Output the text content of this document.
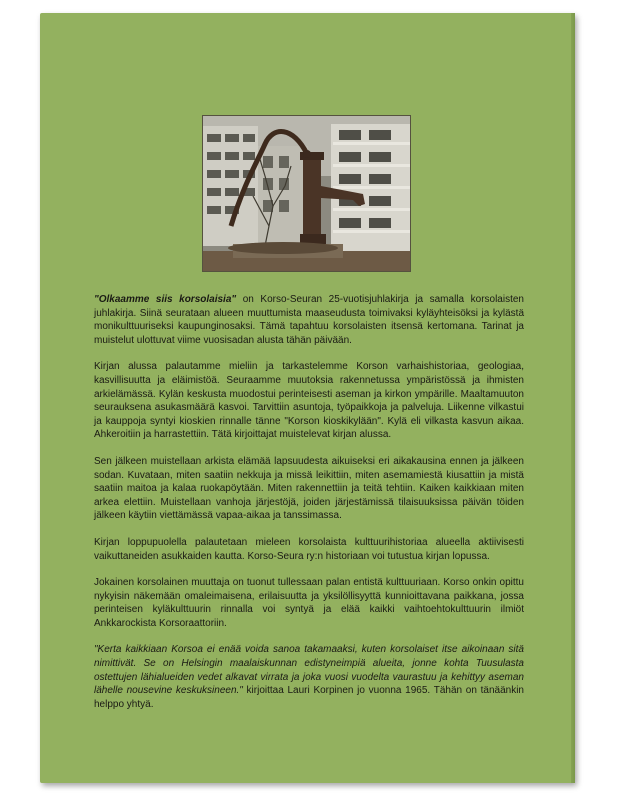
"Olkaamme siis korsolaisia" on Korso-Seuran 25-vuotisjuhlakirja ja samalla korsolaisten juhlakirja. Siinä seurataan alueen muuttumista maaseudusta toimivaksi kyläyhteisöksi ja kylästä monikulttuuriseksi kaupunginosaksi. Tämä tapahtuu korsolaisten itsensä kertomana. Tarinat ja muistelut ulottuvat viime vuosisadan alusta tähän päivään.

Kirjan alussa palautamme mieliin ja tarkastelemme Korson varhaishistoriaa, geologiaa, kasvillisuutta ja eläimistöä. Seuraamme muutoksia rakennetussa ympäristössä ja ihmisten arkielämässä. Kylän keskusta muodostui perinteisesti aseman ja kirkon ympärille. Maaltamuuton seurauksena asukasmäärä kasvoi. Tarvittiin asuntoja, työpaikkoja ja palveluja. Liikenne vilkastui ja kauppoja syntyi kioskien rinnalle tänne "Korson kioskikylään". Kylä eli vilkasta kasvun aikaa. Ahkeroitiin ja harrastettiin. Tätä kirjoittajat muistelevat kirjan alussa.

Sen jälkeen muistellaan arkista elämää lapsuudesta aikuiseksi eri aikakausina ennen ja jälkeen sodan. Kuvataan, miten saatiin nekkuja ja missä leikittiin, miten asemamiestä kiusattiin ja mistä saatiin maitoa ja kalaa ruokapöytään. Miten rakennettiin ja teitä tehtiin. Kaiken kaikkiaan miten arkea elettiin. Muistellaan vanhoja järjestöjä, joiden järjestämissä tilaisuuksissa päivän töiden jälkeen käytiin viettämässä vapaa-aikaa ja tanssimassa.

Kirjan loppupuolella palautetaan mieleen korsolaista kulttuurihistoriaa alueella aktiivisesti vaikuttaneiden asukkaiden kautta. Korso-Seura ry:n historiaan voi tutustua kirjan lopussa.

Jokainen korsolainen muuttaja on tuonut tullessaan palan entistä kulttuuriaan. Korso onkin opittu nykyisin näkemään omaleimaisena, erilaisuutta ja yksilöllisyyttä kunnioittavana paikkana, jossa perinteisen kyläkulttuurin rinnalla voi syntyä ja elää kaikki vaihtoehtokulttuurin ilmiöt Ankkarockista Korsoraattoriin.

"Kerta kaikkiaan Korsoa ei enää voida sanoa takamaaksi, kuten korsolaiset itse aikoinaan sitä nimittivät. Se on Helsingin maalaiskunnan edistyneimpiä alueita, jonne kohta Tuusulasta ostettujen lähialueiden vedet alkavat virrata ja joka vuosi vuodelta vaurastuu ja kehittyy aseman lähelle nousevine keskuksineen." kirjoittaa Lauri Korpinen jo vuonna 1965. Tähän on tänäänkin helppo yhtyä.
